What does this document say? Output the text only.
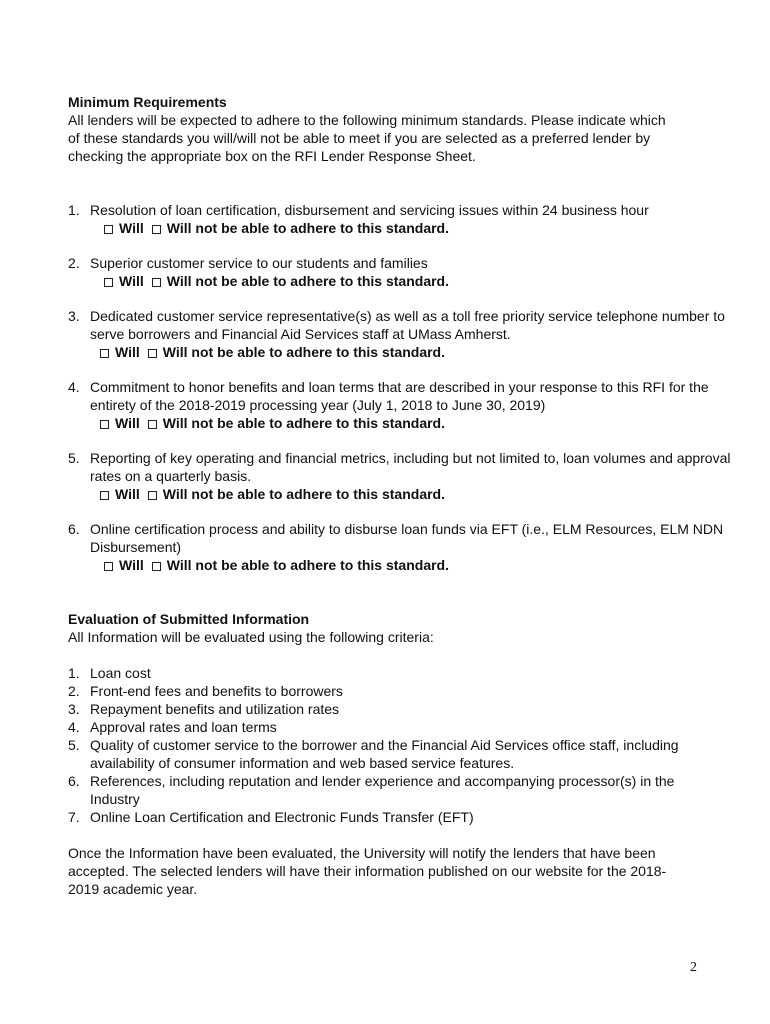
Minimum Requirements

All lenders will be expected to adhere to the following minimum standards. Please indicate which of these standards you will/will not be able to meet if you are selected as a preferred lender by checking the appropriate box on the RFI Lender Response Sheet.

1. Resolution of loan certification, disbursement and servicing issues within 24 business hour
Will Will not be able to adhere to this standard.
2. Superior customer service to our students and families
Will Will not be able to adhere to this standard.
3. Dedicated customer service representative(s) as well as a toll free priority service telephone number to serve borrowers and Financial Aid Services staff at UMass Amherst.
Will Will not be able to adhere to this standard.
4. Commitment to honor benefits and loan terms that are described in your response to this RFI for the entirety of the 2018-2019 processing year (July 1, 2018 to June 30, 2019)
Will Will not be able to adhere to this standard.
5. Reporting of key operating and financial metrics, including but not limited to, loan volumes and approval rates on a quarterly basis.
Will Will not be able to adhere to this standard.
6. Online certification process and ability to disburse loan funds via EFT (i.e., ELM Resources, ELM NDN Disbursement)
Will Will not be able to adhere to this standard.
Evaluation of Submitted Information

All Information will be evaluated using the following criteria:

1. Loan cost
2. Front-end fees and benefits to borrowers
3. Repayment benefits and utilization rates
4. Approval rates and loan terms
5. Quality of customer service to the borrower and the Financial Aid Services office staff, including availability of consumer information and web based service features.
6. References, including reputation and lender experience and accompanying processor(s) in the Industry
7. Online Loan Certification and Electronic Funds Transfer (EFT)

Once the Information have been evaluated, the University will notify the lenders that have been accepted. The selected lenders will have their information published on our website for the 2018-2019 academic year.

2
